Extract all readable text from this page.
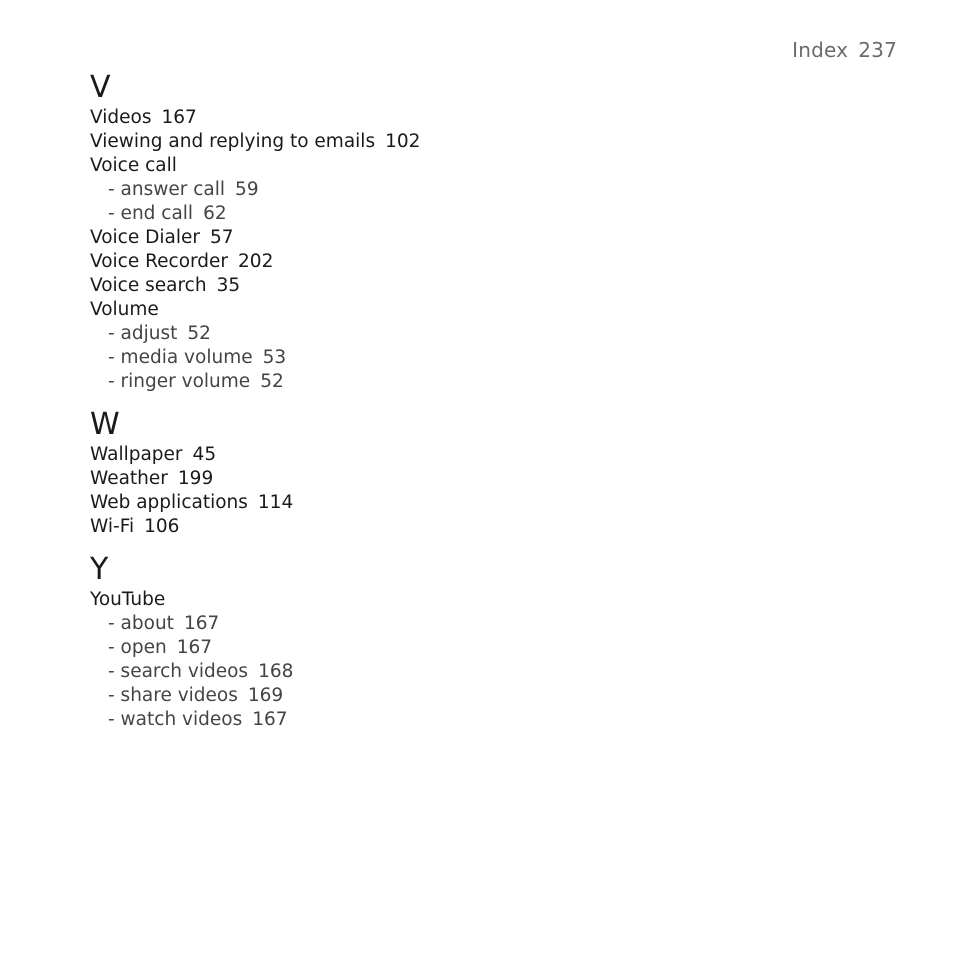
Index 237
V
Videos 167
Viewing and replying to emails 102
Voice call
- answer call 59
- end call 62
Voice Dialer 57
Voice Recorder 202
Voice search 35
Volume
- adjust 52
- media volume 53
- ringer volume 52
W
Wallpaper 45
Weather 199
Web applications 114
Wi-Fi 106
Y
YouTube
- about 167
- open 167
- search videos 168
- share videos 169
- watch videos 167
